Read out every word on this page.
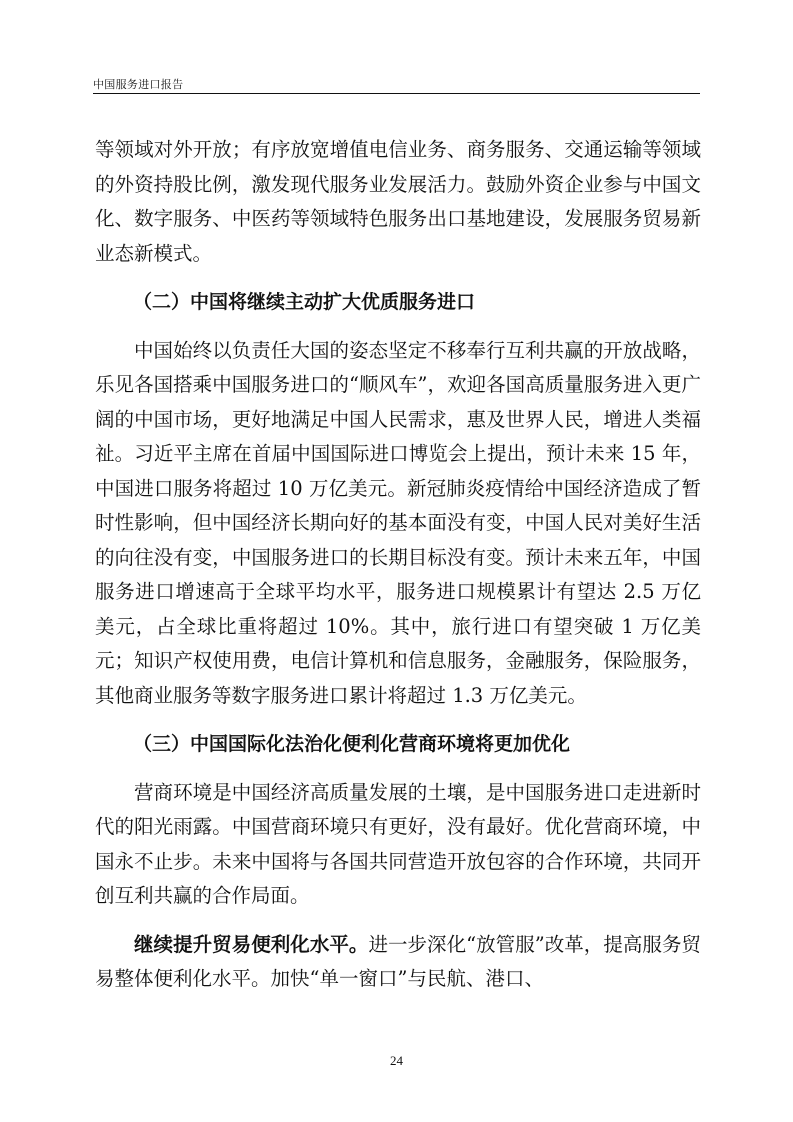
中国服务进口报告

等领域对外开放；有序放宽增值电信业务、商务服务、交通运输等领域的外资持股比例，激发现代服务业发展活力。鼓励外资企业参与中国文化、数字服务、中医药等领域特色服务出口基地建设，发展服务贸易新业态新模式。

（二）中国将继续主动扩大优质服务进口

中国始终以负责任大国的姿态坚定不移奉行互利共赢的开放战略，乐见各国搭乘中国服务进口的“顺风车”，欢迎各国高质量服务进入更广阔的中国市场，更好地满足中国人民需求，惠及世界人民，增进人类福祉。习近平主席在首届中国国际进口博览会上提出，预计未来 15 年，中国进口服务将超过 10 万亿美元。新冠肺炎疫情给中国经济造成了暂时性影响，但中国经济长期向好的基本面没有变，中国人民对美好生活的向往没有变，中国服务进口的长期目标没有变。预计未来五年，中国服务进口增速高于全球平均水平，服务进口规模累计有望达 2.5 万亿美元，占全球比重将超过 10%。其中，旅行进口有望突破 1 万亿美元；知识产权使用费，电信计算机和信息服务，金融服务，保险服务，其他商业服务等数字服务进口累计将超过 1.3 万亿美元。

（三）中国国际化法治化便利化营商环境将更加优化

营商环境是中国经济高质量发展的土壤，是中国服务进口走进新时代的阳光雨露。中国营商环境只有更好，没有最好。优化营商环境，中国永不止步。未来中国将与各国共同营造开放包容的合作环境，共同开创互利共赢的合作局面。

继续提升贸易便利化水平。进一步深化“放管服”改革，提高服务贸易整体便利化水平。加快“单一窗口”与民航、港口、

24
